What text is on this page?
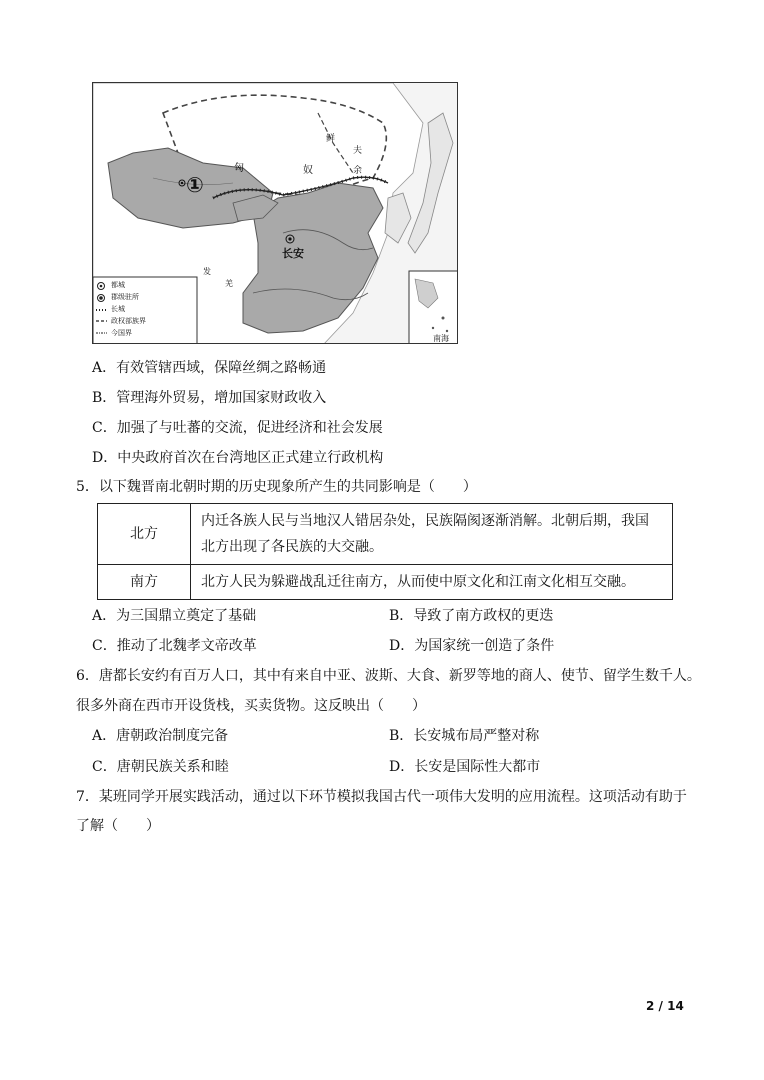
匈	奴
鲜
夫
余
①
长安
发
羌
南海
都城
郡级驻所
长城
政权部族界
今国界
A．有效管辖西域，保障丝绸之路畅通
B．管理海外贸易，增加国家财政收入
C．加强了与吐蕃的交流，促进经济和社会发展
D．中央政府首次在台湾地区正式建立行政机构
5．以下魏晋南北朝时期的历史现象所产生的共同影响是（　　）
北方	内迁各族人民与当地汉人错居杂处，民族隔阂逐渐消解。北朝后期，我国北方出现了各民族的大交融。
南方	北方人民为躲避战乱迁往南方，从而使中原文化和江南文化相互交融。
A．为三国鼎立奠定了基础	B．导致了南方政权的更迭
C．推动了北魏孝文帝改革	D．为国家统一创造了条件
6．唐都长安约有百万人口，其中有来自中亚、波斯、大食、新罗等地的商人、使节、留学生数千人。
很多外商在西市开设货栈，买卖货物。这反映出（　　）
A．唐朝政治制度完备	B．长安城布局严整对称
C．唐朝民族关系和睦	D．长安是国际性大都市
7．某班同学开展实践活动，通过以下环节模拟我国古代一项伟大发明的应用流程。这项活动有助于
了解（　　）
2 / 14
